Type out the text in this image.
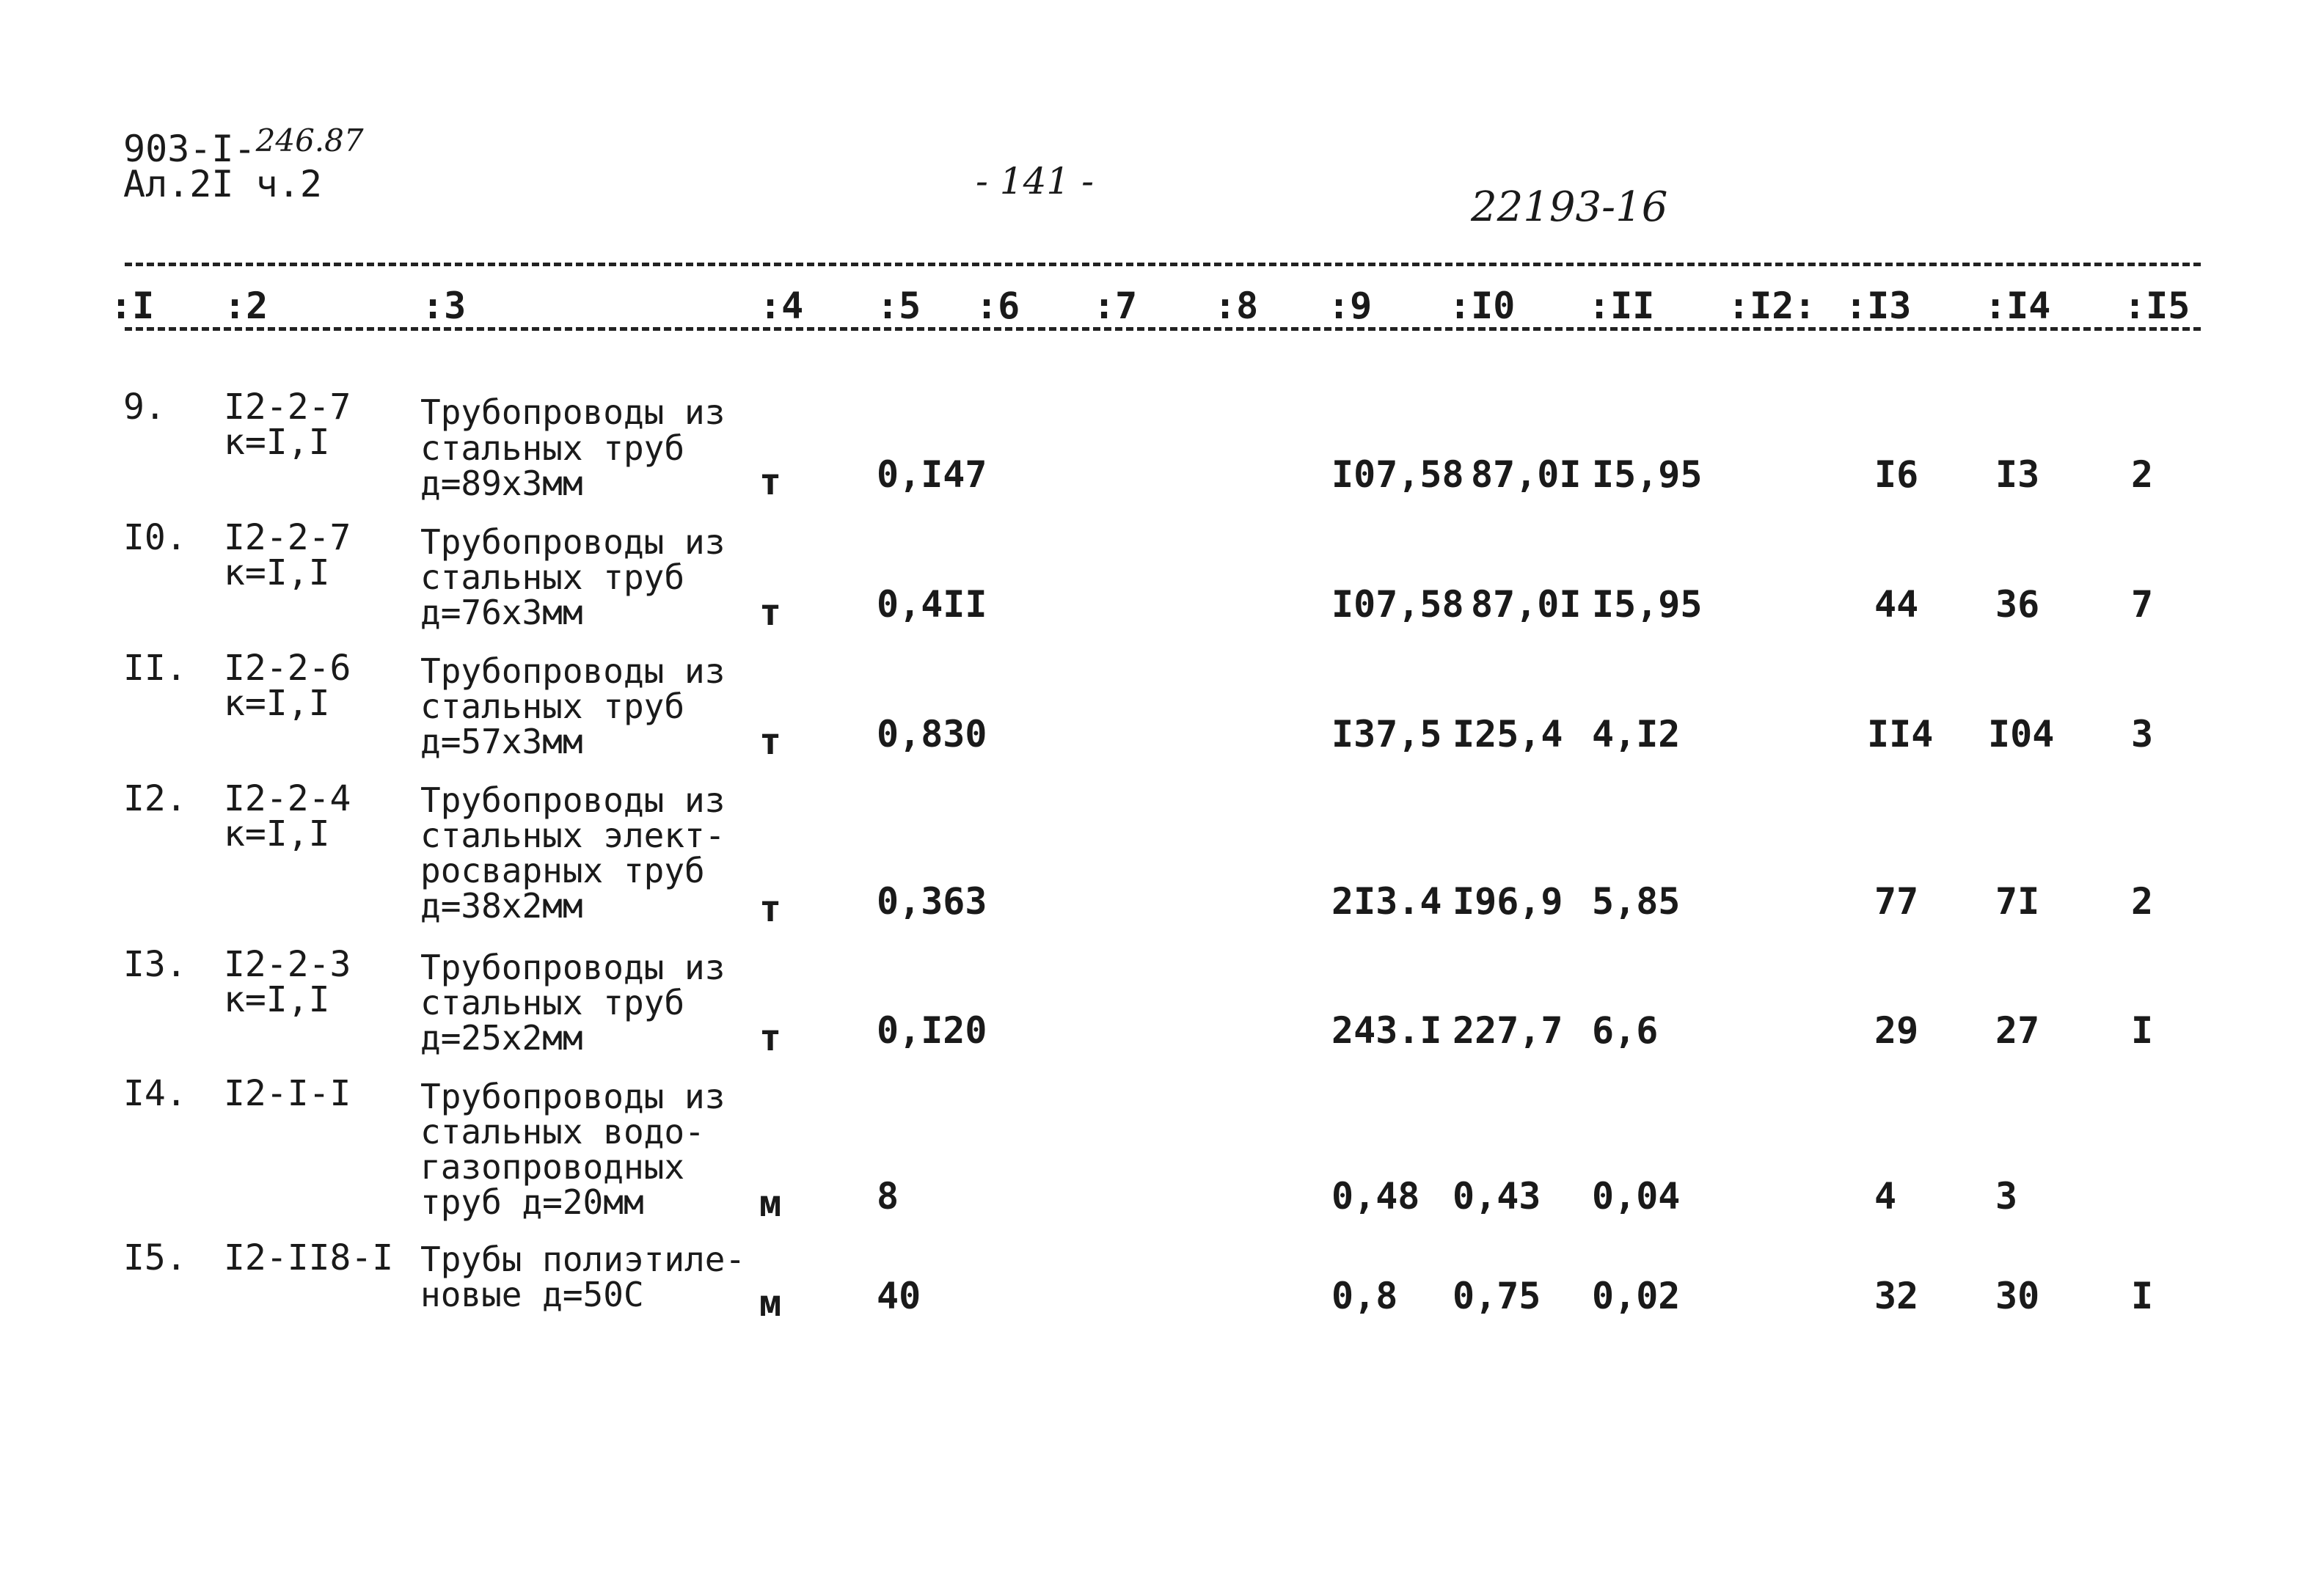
903-I-$^{246.87}$
Ал.2I ч.2	- 141 -
22193-16
:I :2	:3	:4 :5 :6 :7 :8 :9 :I0 :II :I2: :I3 :I4 :I5
9. I2-2-7
к=I,I
Трубопроводы из
стальных труб
д=89х3мм	т	0,I47	I07,58 87,0I I5,95	I6 I3 2
I0. I2-2-7
к=I,I
Трубопроводы из
стальных труб
д=76х3мм	т	0,4II	I07,58 87,0I I5,95	44 36 7
II. I2-2-6
к=I,I
Трубопроводы из
стальных труб
д=57х3мм	т	0,830	I37,5 I25,4 4,I2	II4 I04 3
I2. I2-2-4
к=I,I
Трубопроводы из
стальных элект-
росварных труб
д=38х2мм	т	0,363	2I3.4 I96,9 5,85	77 7I 2
I3. I2-2-3
к=I,I
Трубопроводы из
стальных труб
д=25х2мм	т	0,I20	243.I 227,7 6,6	29 27 I
I4. I2-I-I Трубопроводы из
стальных водо-
газопроводных
труб д=20мм	м	8	0,48 0,43 0,04	4	3
I5. I2-II8-I Трубы полиэтиле-
новые д=50С	м	40	0,8 0,75 0,02	32 30 I
